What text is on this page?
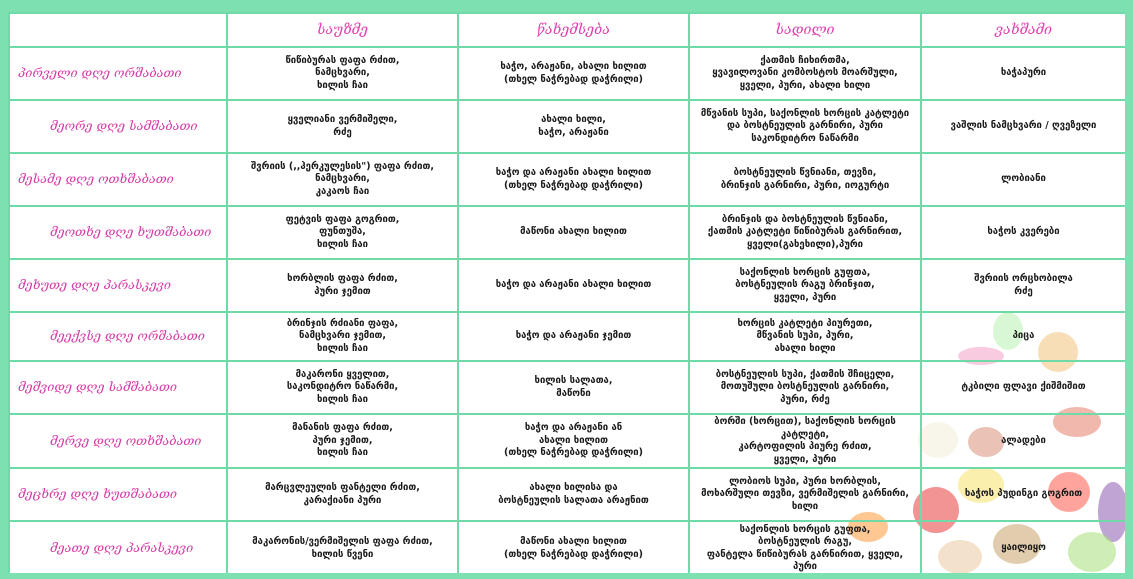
	საუზმე	წახემსება	სადილი	ვახშამი
პირველი დღე ორშაბათი	წიწიბურას ფაფა რძით,
ნამცხვარი,
ხილის ჩაი	ხაჭო, არაჟანი, ახალი ხილით
(თხელ ნაჭრებად დაჭრილი)	ქათმის ჩიხირთმა,
ყვავილოვანი კომბოსტოს მოარშული,
ყველი, პური, ახალი ხილი	ხაჭაპური
მეორე დღე სამშაბათი	ყველიანი ვერმიშელი,
რძე	ახალი ხილი,
ხაჭო, არაჟანი	მწვანის სუპი, საქონლის ხორცის კატლეტი
და ბოსტნეულის გარნირი, პური
საკონდიტრო ნაწარმი	ვაშლის ნამცხვარი / ღვეზელი
მესამე დღე ოთხშაბათი	შვრიის (,,ჰერკულესის") ფაფა რძით,
ნამცხვარი,
კაკაოს ჩაი	ხაჭო და არაჟანი ახალი ხილით
(თხელ ნაჭრებად დაჭრილი)	ბოსტნეულის წვნიანი, თევზი,
ბრინჯის გარნირი, პური, იოგურტი	ლობიანი
მეოთხე დღე ხუთშაბათი	ფეტვის ფაფა გოგრით,
ფუნთუშა,
ხილის ჩაი	მაწონი ახალი ხილით	ბრინჯის და ბოსტნეულის წვნიანი,
ქათმის კატლეტი წიწიბურას გარნირით,
ყველი(გახეხილი),პური	ხაჭოს კვერები
მეხუთე დღე პარასკევი	ხორბლის ფაფა რძით,
პური ჯემით	ხაჭო და არაჟანი ახალი ხილით	საქონლის ხორცის გუფთა,
ბოსტნეულის რაგუ ბრინჯით,
ყველი, პური	შვრიის ორცხობილა
რძე
მეექვსე დღე ორშაბათი	ბრინჯის რძიანი ფაფა,
ნამცხვარი ჯემით,
ხილის ჩაი	ხაჭო და არაჟანი ჯემით	ხორცის კატლეტი პიურეთი,
მწვანის სუპი, პური,
ახალი ხილი	პიცა
მეშვიდე დღე სამშაბათი	მაკარონი ყველით,
საკონდიტრო ნაწარმი,
ხილის ჩაი	ხილის სალათა,
მაწონი	ბოსტნეულის სუპი, ქათმის შჩიცელი,
მოთუშული ბოსტნეულის გარნირი,
პური, რძე	ტკბილი ფლავი ქიშმიშით
მერვე დღე ოთხშაბათი	მანანის ფაფა რძით,
პური ჯემით,
ხილის ჩაი	ხაჭო და არაჟანი ან
ახალი ხილით
(თხელ ნაჭრებად დაჭრილი)	ბორში (ხორცით), საქონლის ხორცის კატლეტი,
კარტოფილის პიურე რძით,
ყველი, პური	ალადები
მეცხრე დღე ხუთშაბათი	მარცვლეულის ფანტელი რძით,
კარაქიანი პური	ახალი ხილისა და
ბოსტნეულის სალათა არაჟნით	ლობიოს სუპი, პური ხორბლის,
მოხარშული თევზი, ვერმიშელის გარნირი,
ხილი	ხაჭოს პუდინგი გოგრით
მეათე დღე პარასკევი	მაკარონის/ვერმიშელის ფაფა რძით,
ხილის წვენი	მაწონი ახალი ხილით
(თხელ ნაჭრებად დაჭრილი)	საქონლის ხორცის გუფთა,
ბოსტნეულის რაგუ,
ფანტელა წიწიბურას გარნირით, ყველი, პური	ყაილიყო
